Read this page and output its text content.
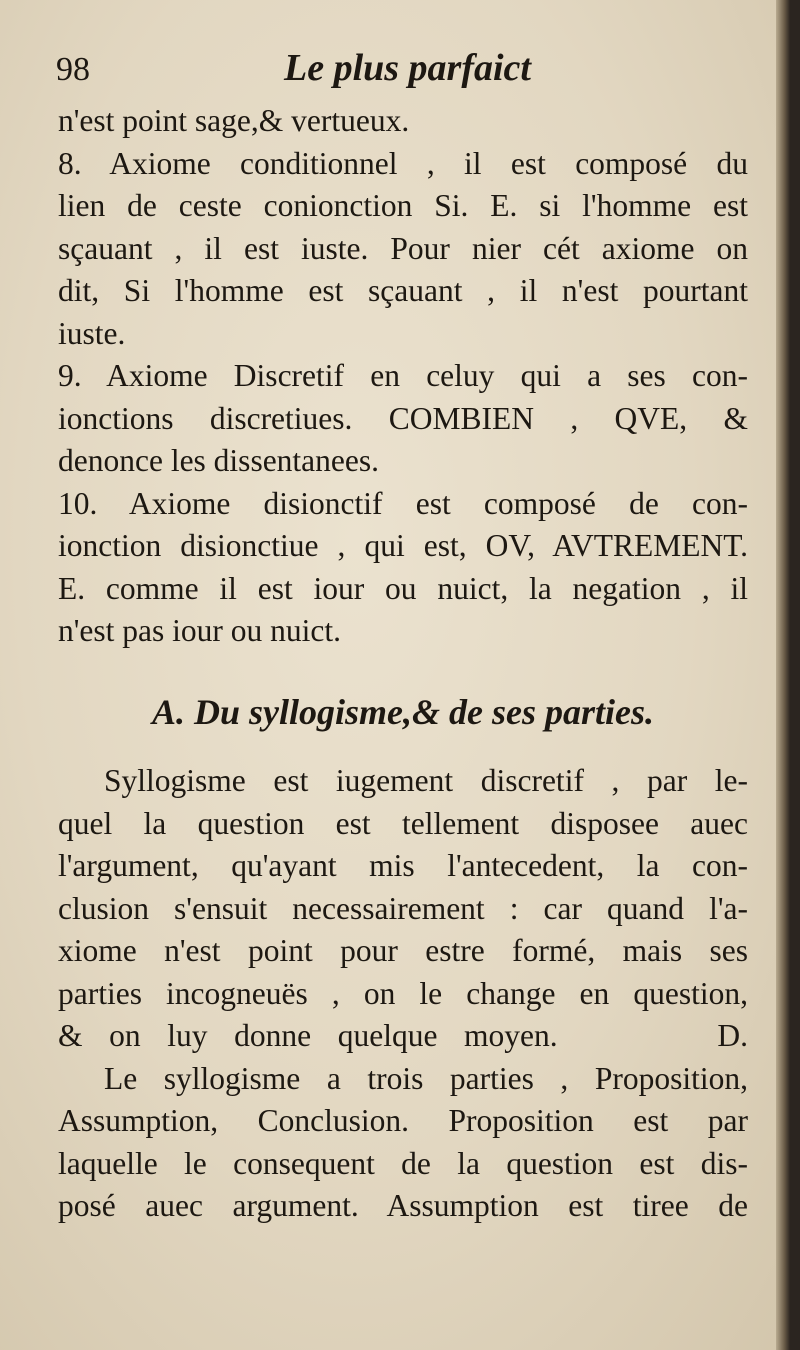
98	Le plus parfaict
n'est point sage,& vertueux.
8. Axiome conditionnel , il est composé du
lien de ceste conionction Si. E. si l'homme est
sçauant , il est iuste. Pour nier cét axiome on
dit, Si l'homme est sçauant , il n'est pourtant
iuste.
9. Axiome Discretif en celuy qui a ses con-
ionctions discretiues. COMBIEN , QVE, &
denonce les dissentanees.
10. Axiome disionctif est composé de con-
ionction disionctiue , qui est, OV, AVTREMENT.
E. comme il est iour ou nuict, la negation , il
n'est pas iour ou nuict.
A. Du syllogisme,& de ses parties.
Syllogisme est iugement discretif , par le-
quel la question est tellement disposee auec
l'argument, qu'ayant mis l'antecedent, la con-
clusion s'ensuit necessairement : car quand l'a-
xiome n'est point pour estre formé, mais ses
parties incogneuës , on le change en question,
& on luy donne quelque moyen.      D.
Le syllogisme a trois parties , Proposition,
Assumption, Conclusion. Proposition est par
laquelle le consequent de la question est dis-
posé auec argument. Assumption est tiree de
